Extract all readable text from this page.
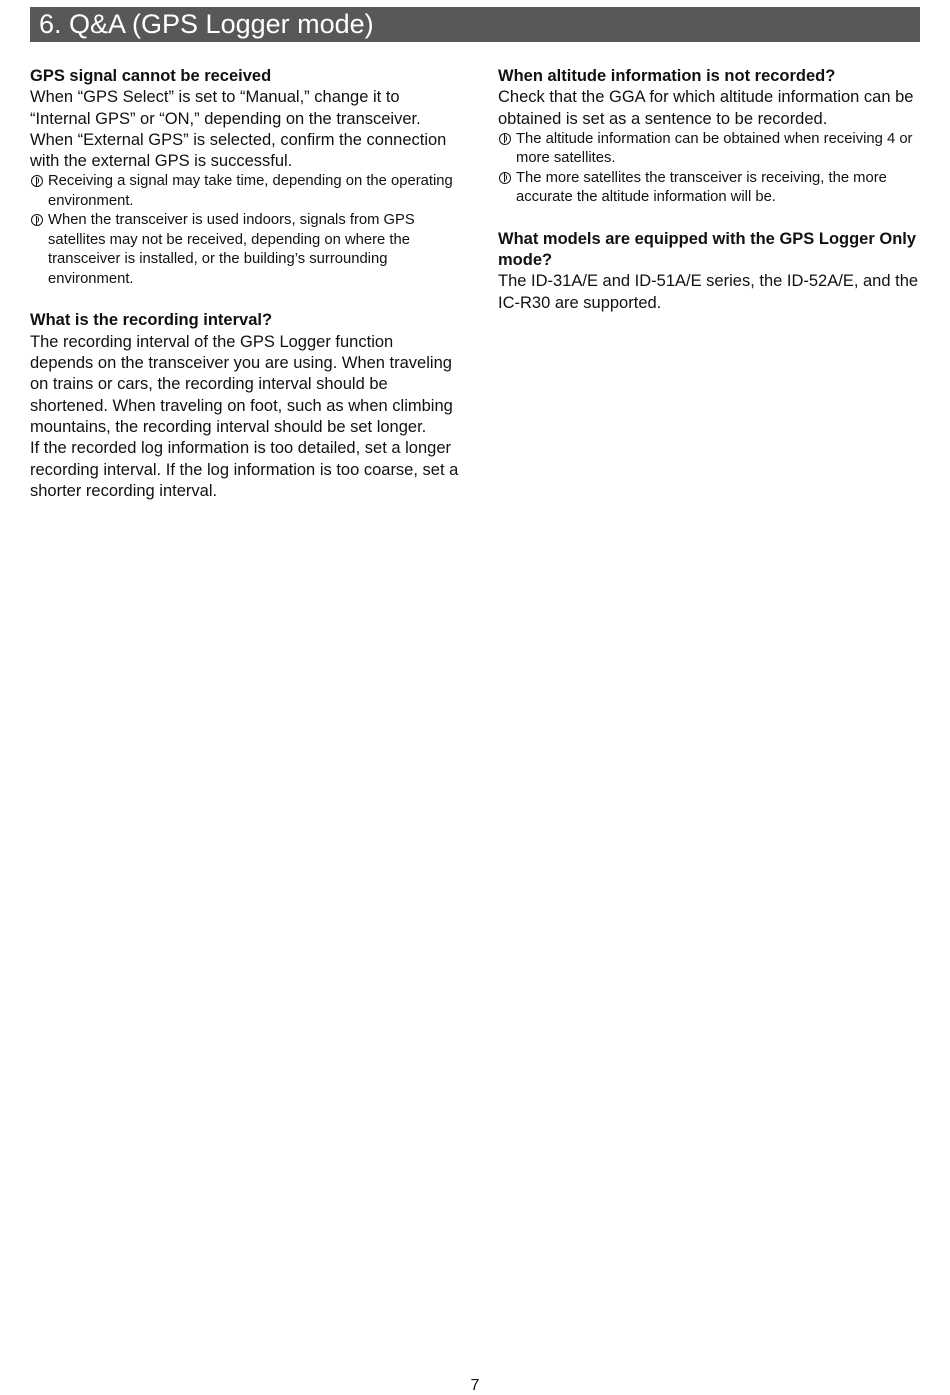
6. Q&A (GPS Logger mode)

GPS signal cannot be received

When “GPS Select” is set to “Manual,” change it to “Internal GPS” or “ON,” depending on the transceiver. When “External GPS” is selected, confirm the connection with the external GPS is successful.

Receiving a signal may take time, depending on the operating environment.

When the transceiver is used indoors, signals from GPS satellites may not be received, depending on where the transceiver is installed, or the building’s surrounding environment.

What is the recording interval?

The recording interval of the GPS Logger function depends on the transceiver you are using. When traveling on trains or cars, the recording interval should be shortened. When traveling on foot, such as when climbing mountains, the recording interval should be set longer.

If the recorded log information is too detailed, set a longer recording interval. If the log information is too coarse, set a shorter recording interval.

When altitude information is not recorded?

Check that the GGA for which altitude information can be obtained is set as a sentence to be recorded.

The altitude information can be obtained when receiving 4 or more satellites.

The more satellites the transceiver is receiving, the more accurate the altitude information will be.

What models are equipped with the GPS Logger Only mode?

The ID-31A/E and ID-51A/E series, the ID-52A/E, and the IC-R30 are supported.

7
